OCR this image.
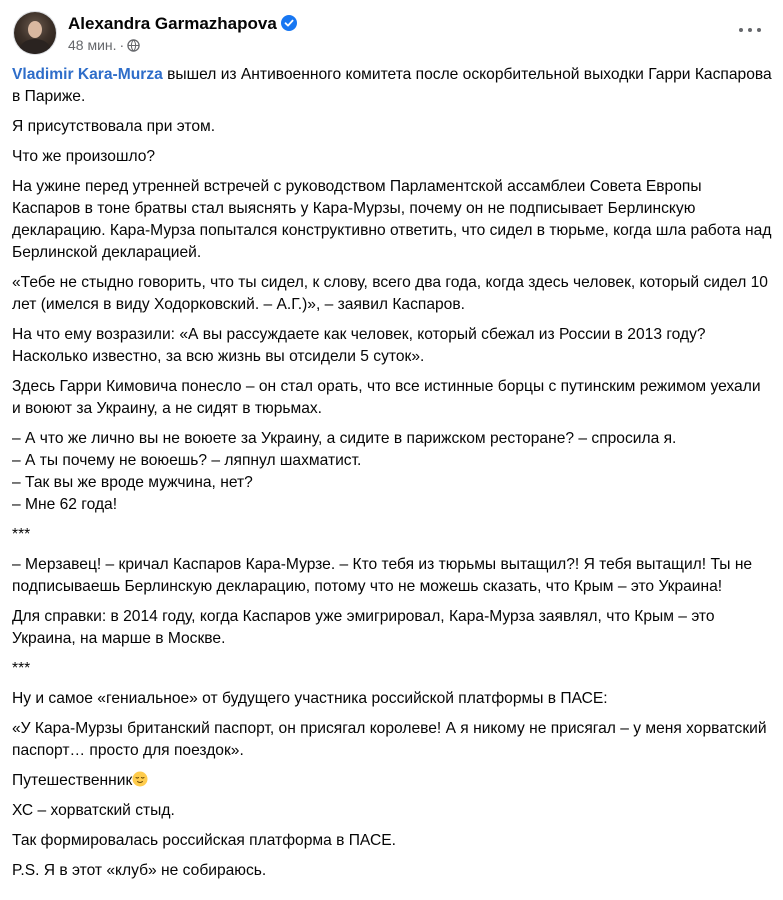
Alexandra Garmazhapova
48 мин. ·

Vladimir Kara-Murza вышел из Антивоенного комитета после оскорбительной выходки Гарри Каспарова в Париже.

Я присутствовала при этом.

Что же произошло?

На ужине перед утренней встречей с руководством Парламентской ассамблеи Совета Европы Каспаров в тоне братвы стал выяснять у Кара-Мурзы, почему он не подписывает Берлинскую декларацию. Кара-Мурза попытался конструктивно ответить, что сидел в тюрьме, когда шла работа над Берлинской декларацией.

«Тебе не стыдно говорить, что ты сидел, к слову, всего два года, когда здесь человек, который сидел 10 лет (имелся в виду Ходорковский. – А.Г.)», – заявил Каспаров.

На что ему возразили: «А вы рассуждаете как человек, который сбежал из России в 2013 году? Насколько известно, за всю жизнь вы отсидели 5 суток».

Здесь Гарри Кимовича понесло – он стал орать, что все истинные борцы с путинским режимом уехали и воюют за Украину, а не сидят в тюрьмах.

– А что же лично вы не воюете за Украину, а сидите в парижском ресторане? – спросила я.
– А ты почему не воюешь? – ляпнул шахматист.
– Так вы же вроде мужчина, нет?
– Мне 62 года!

***

– Мерзавец! – кричал Каспаров Кара-Мурзе. – Кто тебя из тюрьмы вытащил?! Я тебя вытащил! Ты не подписываешь Берлинскую декларацию, потому что не можешь сказать, что Крым – это Украина!

Для справки: в 2014 году, когда Каспаров уже эмигрировал, Кара-Мурза заявлял, что Крым – это Украина, на марше в Москве.

***

Ну и самое «гениальное» от будущего участника российской платформы в ПАСЕ:

«У Кара-Мурзы британский паспорт, он присягал королеве! А я никому не присягал – у меня хорватский паспорт… просто для поездок».

Путешественник

ХС – хорватский стыд.

Так формировалась российская платформа в ПАСЕ.

P.S. Я в этот «клуб» не собираюсь.
